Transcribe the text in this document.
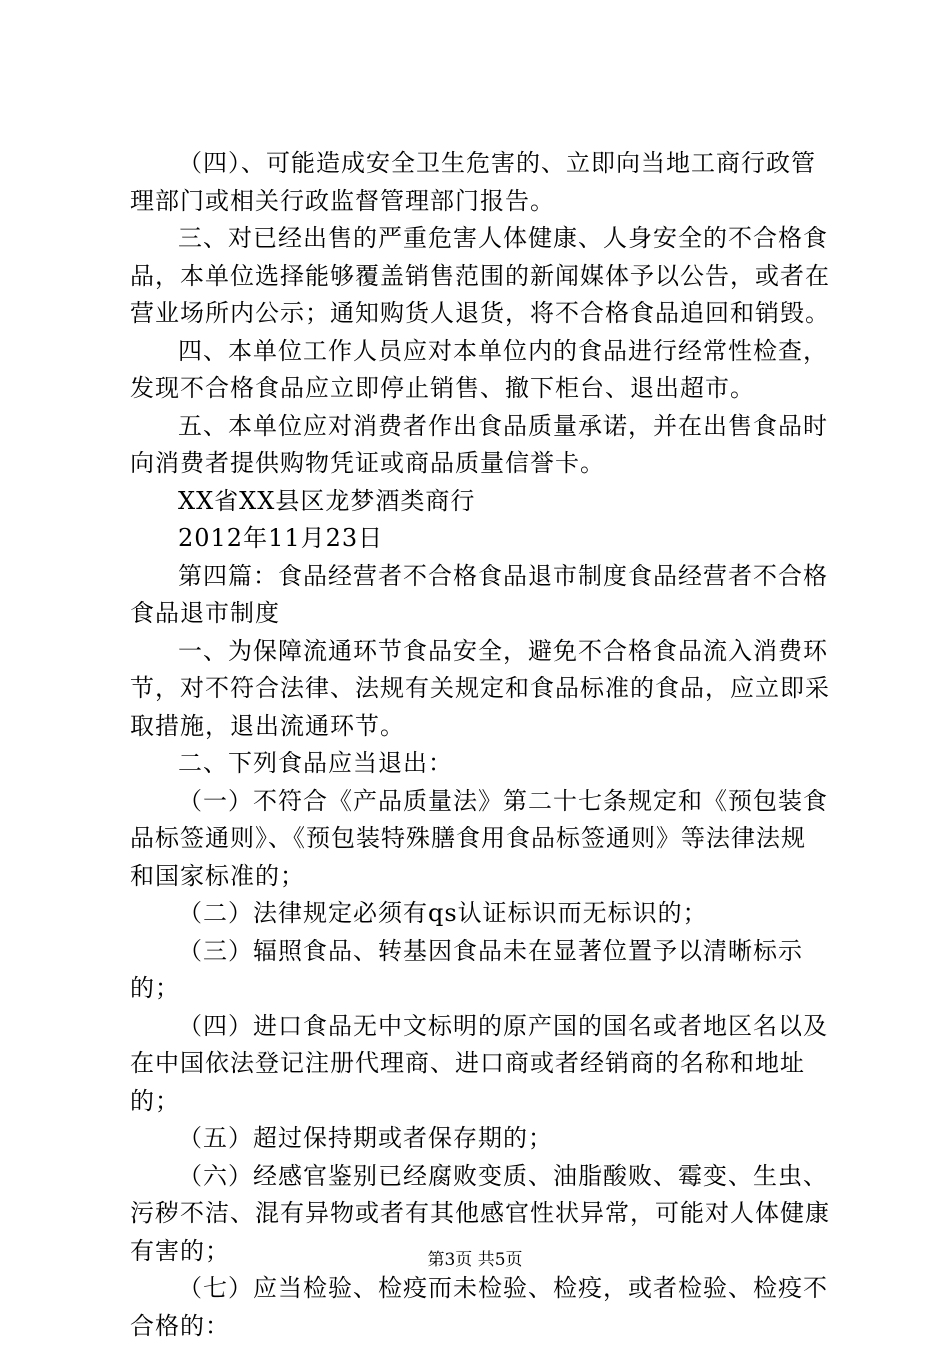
（四）、可能造成安全卫生危害的、立即向当地工商行政管理部门或相关行政监督管理部门报告。

三、对已经出售的严重危害人体健康、人身安全的不合格食品，本单位选择能够覆盖销售范围的新闻媒体予以公告，或者在营业场所内公示；通知购货人退货，将不合格食品追回和销毁。

四、本单位工作人员应对本单位内的食品进行经常性检查，发现不合格食品应立即停止销售、撤下柜台、退出超市。

五、本单位应对消费者作出食品质量承诺，并在出售食品时向消费者提供购物凭证或商品质量信誉卡。

XX省XX县区龙梦酒类商行

2012年11月23日

第四篇：食品经营者不合格食品退市制度食品经营者不合格食品退市制度

一、为保障流通环节食品安全，避免不合格食品流入消费环节，对不符合法律、法规有关规定和食品标准的食品，应立即采取措施，退出流通环节。

二、下列食品应当退出：

（一）不符合《产品质量法》第二十七条规定和《预包装食品标签通则》、《预包装特殊膳食用食品标签通则》等法律法规和国家标准的；

（二）法律规定必须有qs认证标识而无标识的；

（三）辐照食品、转基因食品未在显著位置予以清晰标示的；

（四）进口食品无中文标明的原产国的国名或者地区名以及在中国依法登记注册代理商、进口商或者经销商的名称和地址的；

（五）超过保持期或者保存期的；

（六）经感官鉴别已经腐败变质、油脂酸败、霉变、生虫、污秽不洁、混有异物或者有其他感官性状异常，可能对人体健康有害的；

（七）应当检验、检疫而未检验、检疫，或者检验、检疫不合格的：

第3页 共5页
